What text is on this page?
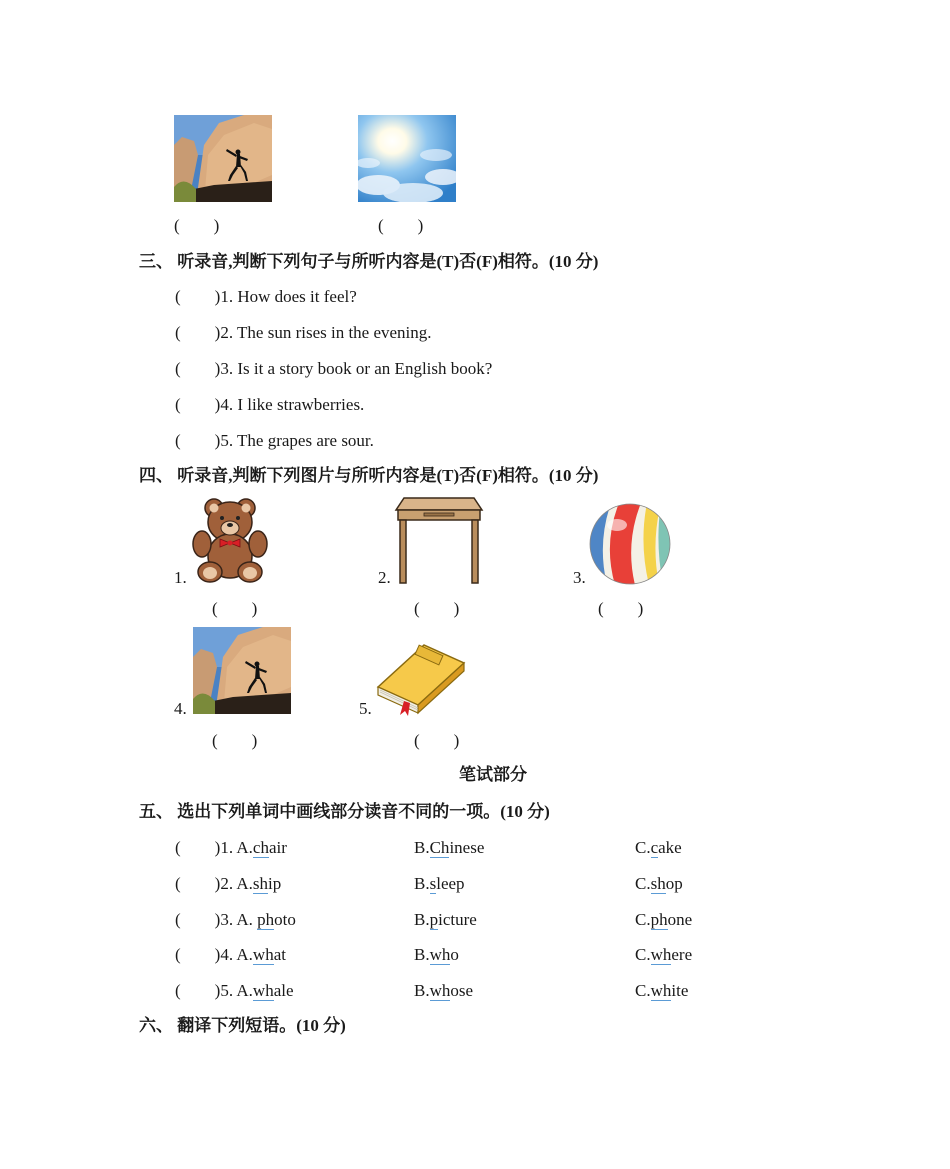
(        )	(        )
三、 听录音,判断下列句子与所听内容是(T)否(F)相符。(10 分)
(        )1. How does it feel?
(        )2. The sun rises in the evening.
(        )3. Is it a story book or an English book?
(        )4. I like strawberries.
(        )5. The grapes are sour.
四、 听录音,判断下列图片与所听内容是(T)否(F)相符。(10 分)
1.
(        )
2.
(        )
3.
(        )
4.
(        )
5.
(        )
笔试部分
五、 选出下列单词中画线部分读音不同的一项。(10 分)
(        )1. A.chair	B.Chinese	C.cake
(        )2. A.ship	B.sleep	C.shop
(        )3. A. photo	B.picture	C.phone
(        )4. A.what	B.who	C.where
(        )5. A.whale	B.whose	C.white
六、 翻译下列短语。(10 分)
